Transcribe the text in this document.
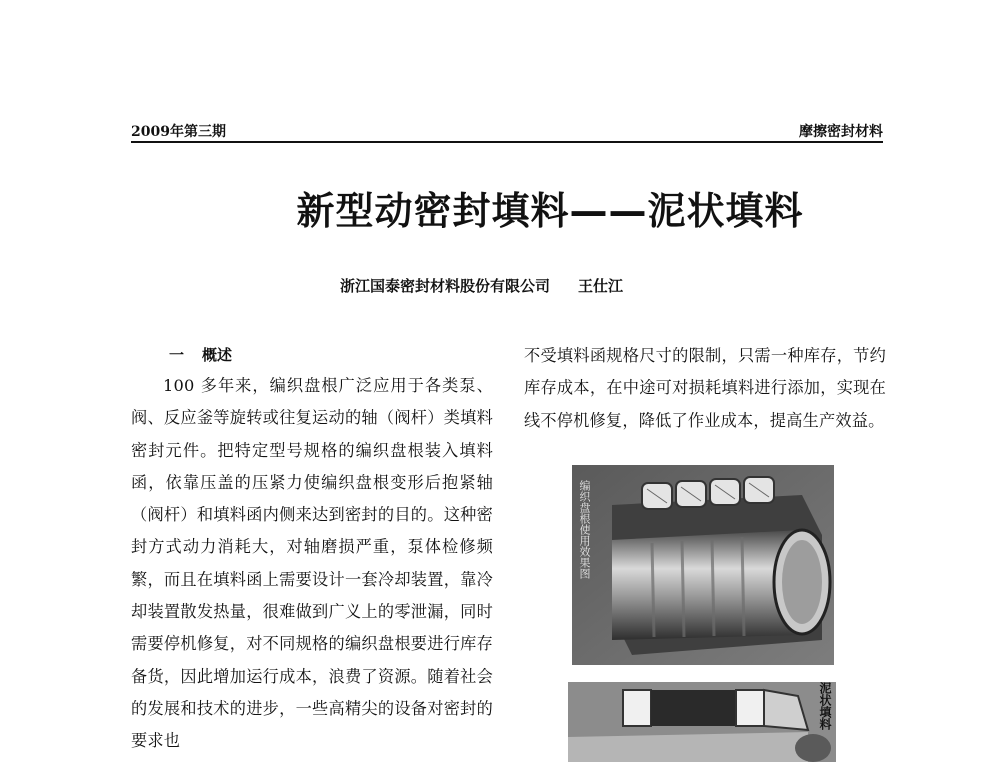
2009年第三期	摩擦密封材料
新型动密封填料——泥状填料
浙江国泰密封材料股份有限公司 王仕江
一 概述

100 多年来，编织盘根广泛应用于各类泵、阀、反应釜等旋转或往复运动的轴（阀杆）类填料密封元件。把特定型号规格的编织盘根装入填料函，依靠压盖的压紧力使编织盘根变形后抱紧轴（阀杆）和填料函内侧来达到密封的目的。这种密封方式动力消耗大，对轴磨损严重，泵体检修频繁，而且在填料函上需要设计一套冷却装置，靠冷却装置散发热量，很难做到广义上的零泄漏，同时需要停机修复，对不同规格的编织盘根要进行库存备货，因此增加运行成本，浪费了资源。随着社会的发展和技术的进步，一些高精尖的设备对密封的要求也

不受填料函规格尺寸的限制，只需一种库存，节约库存成本，在中途可对损耗填料进行添加，实现在线不停机修复，降低了作业成本，提高生产效益。

编织盘根使用效果图
泥状填料
